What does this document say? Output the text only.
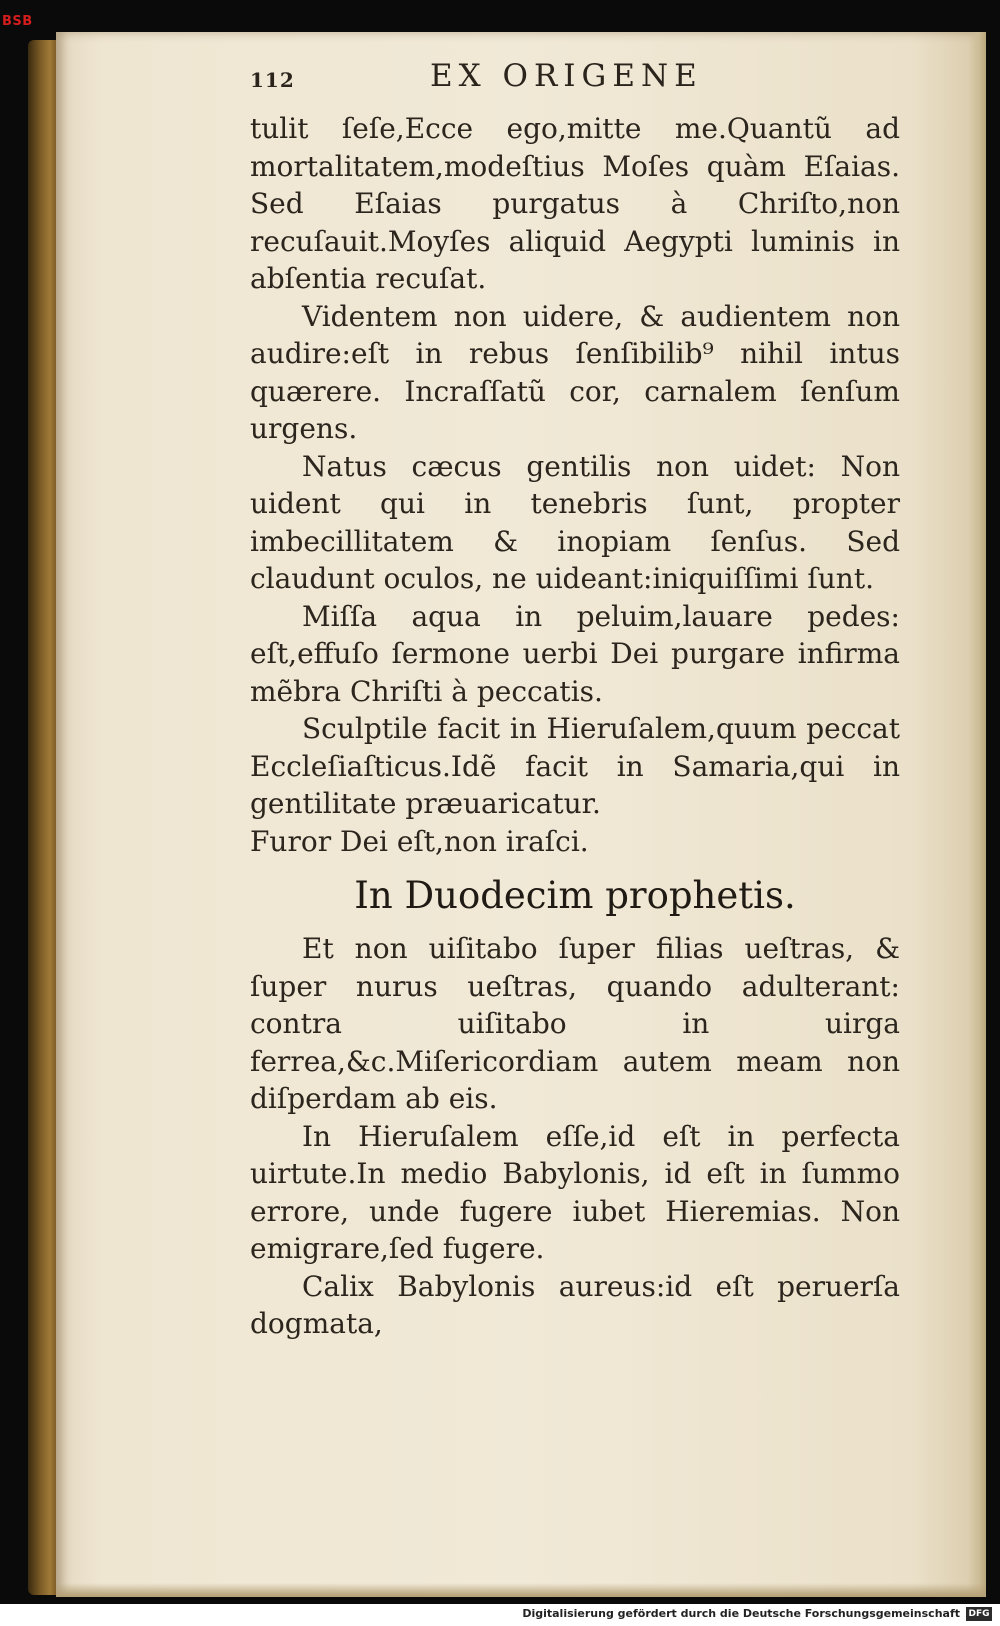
BSB
112	EX ORIGENE

tulit ſeſe,Ecce ego,mitte me.Quantũ ad mortalitatem,modeſtius Moſes quàm Eſaias. Sed Eſaias purgatus à Chriſto,non recuſauit.Moyſes aliquid Aegypti luminis in abſentia recuſat.

Videntem non uidere, & audientem non audire:eſt in rebus ſenſibilib⁹ nihil intus quærere. Incraſſatũ cor, carnalem ſenſum urgens.

Natus cæcus gentilis non uidet: Non uident qui in tenebris ſunt, propter imbecillitatem & inopiam ſenſus. Sed claudunt oculos, ne uideant:iniquiſſimi ſunt.

Miſſa aqua in peluim,lauare pedes: eſt,effuſo ſermone uerbi Dei purgare infirma mẽbra Chriſti à peccatis.

Sculptile facit in Hieruſalem,quum peccat Eccleſiaſticus.Idẽ facit in Samaria,qui in gentilitate præuaricatur.

Furor Dei eſt,non iraſci.

In Duodecim prophetis.

Et non uiſitabo ſuper filias ueſtras, & ſuper nurus ueſtras, quando adulterant: contra uiſitabo in uirga ferrea,&c.Miſericordiam autem meam non diſperdam ab eis.

In Hieruſalem eſſe,id eſt in perfecta uirtute.In medio Babylonis, id eſt in ſummo errore, unde fugere iubet Hieremias. Non emigrare,ſed fugere.

Calix Babylonis aureus:id eſt peruerſa dogmata,

Digitalisierung gefördert durch die Deutsche Forschungsgemeinschaft DFG
